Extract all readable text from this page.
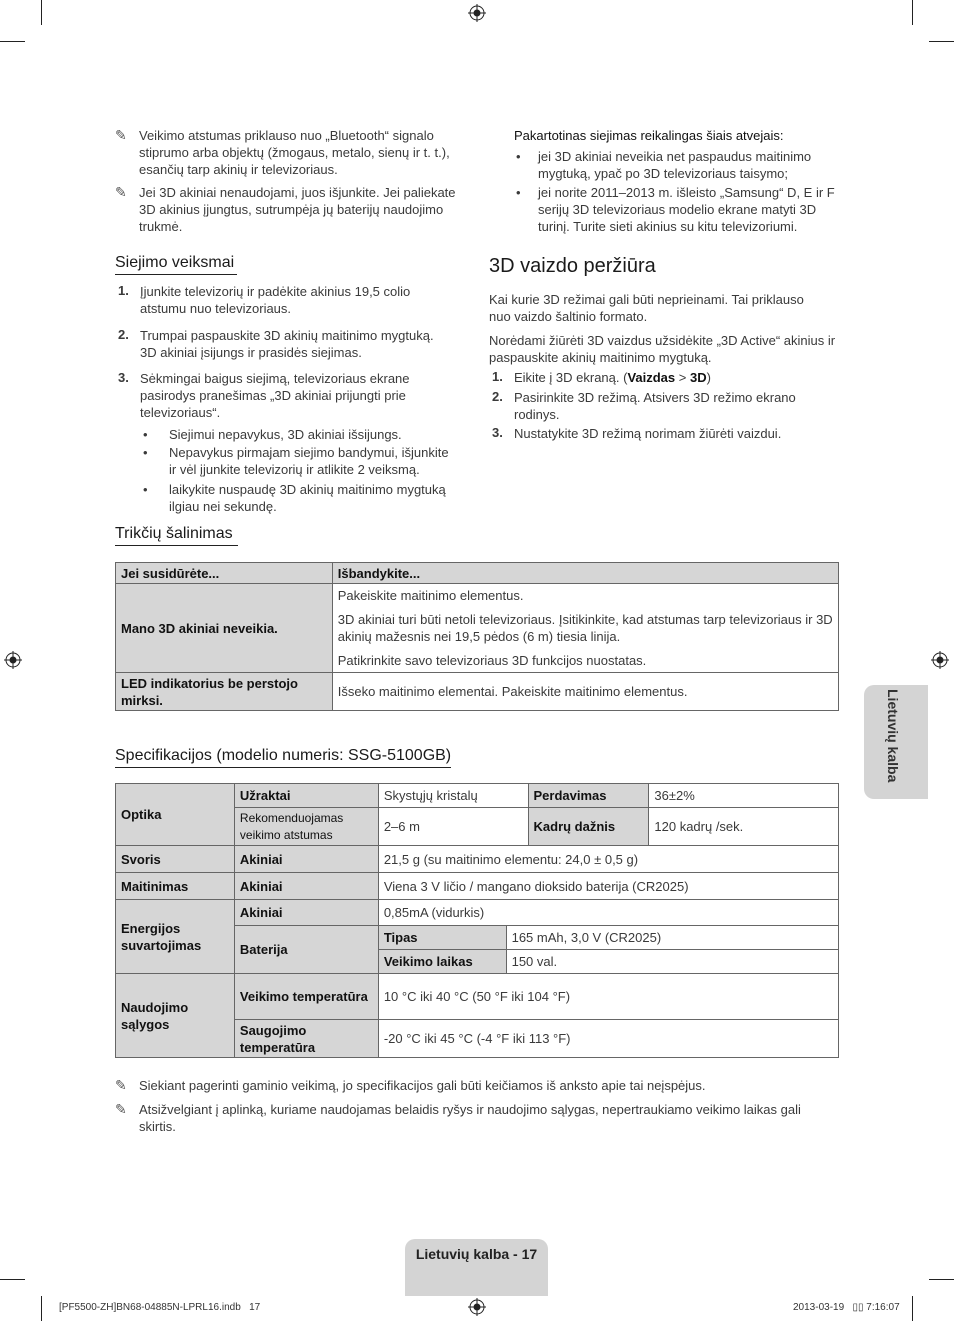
✎ Veikimo atstumas priklauso nuo „Bluetooth“ signalo stiprumo arba objektų (žmogaus, metalo, sienų ir t. t.), esančių tarp akinių ir televizoriaus.
✎ Jei 3D akiniai nenaudojami, juos išjunkite. Jei paliekate 3D akinius įjungtus, sutrumpėja jų baterijų naudojimo trukmė.
Siejimo veiksmai
1. Įjunkite televizorių ir padėkite akinius 19,5 colio atstumu nuo televizoriaus.
2. Trumpai paspauskite 3D akinių maitinimo mygtuką. 3D akiniai įsijungs ir prasidės siejimas.
3. Sėkmingai baigus siejimą, televizoriaus ekrane pasirodys pranešimas „3D akiniai prijungti prie televizoriaus“.
• Siejimui nepavykus, 3D akiniai išsijungs.
• Nepavykus pirmajam siejimo bandymui, išjunkite ir vėl įjunkite televizorių ir atlikite 2 veiksmą.
• laikykite nuspaudę 3D akinių maitinimo mygtuką ilgiau nei sekundę.
Pakartotinas siejimas reikalingas šiais atvejais:
• jei 3D akiniai neveikia net paspaudus maitinimo mygtuką, ypač po 3D televizoriaus taisymo;
• jei norite 2011–2013 m. išleisto „Samsung“ D, E ir F serijų 3D televizoriaus modelio ekrane matyti 3D turinį. Turite sieti akinius su kitu televizoriumi.
3D vaizdo peržiūra
Kai kurie 3D režimai gali būti neprieinami. Tai priklauso nuo vaizdo šaltinio formato.
Norėdami žiūrėti 3D vaizdus užsidėkite „3D Active“ akinius ir paspauskite akinių maitinimo mygtuką.
1. Eikite į 3D ekraną. (Vaizdas > 3D)
2. Pasirinkite 3D režimą. Atsivers 3D režimo ekrano rodinys.
3. Nustatykite 3D režimą norimam žiūrėti vaizdui.
Trikčių šalinimas
Jei susidūrėte...	Išbandykite...
Mano 3D akiniai neveikia.	Pakeiskite maitinimo elementus.
3D akiniai turi būti netoli televizoriaus. Įsitikinkite, kad atstumas tarp televizoriaus ir 3D akinių mažesnis nei 19,5 pėdos (6 m) tiesia linija.
Patikrinkite savo televizoriaus 3D funkcijos nuostatas.

LED indikatorius be perstojo mirksi.	Išseko maitinimo elementai. Pakeiskite maitinimo elementus.
Specifikacijos (modelio numeris: SSG-5100GB)
Optika	Užraktai	Skystųjų kristalų		Perdavimas	36±2%
	Rekomenduojamas veikimo atstumas	2–6 m		Kadrų dažnis	120 kadrų /sek.
Svoris	Akiniai	21,5 g (su maitinimo elementu: 24,0 ± 0,5 g)			
Maitinimas	Akiniai	Viena 3 V ličio / mangano dioksido baterija (CR2025)			
Energijos suvartojimas	Akiniai	0,85mA (vidurkis)			
	Baterija	Tipas	165 mAh, 3,0 V (CR2025)		
		Veikimo laikas	150 val.		
Naudojimo sąlygos	Veikimo temperatūra	10 °C iki 40 °C (50 °F iki 104 °F)			
	Saugojimo temperatūra	-20 °C iki 45 °C (-4 °F iki 113 °F)			
✎ Siekiant pagerinti gaminio veikimą, jo specifikacijos gali būti keičiamos iš anksto apie tai neįspėjus.
✎ Atsižvelgiant į aplinką, kuriame naudojamas belaidis ryšys ir naudojimo sąlygas, nepertraukiamo veikimo laikas gali skirtis.
Lietuvių kalba
Lietuvių kalba - 17
[PF5500-ZH]BN68-04885N-LPRL16.indb   17	2013-03-19   ▯▯ 7:16:07
